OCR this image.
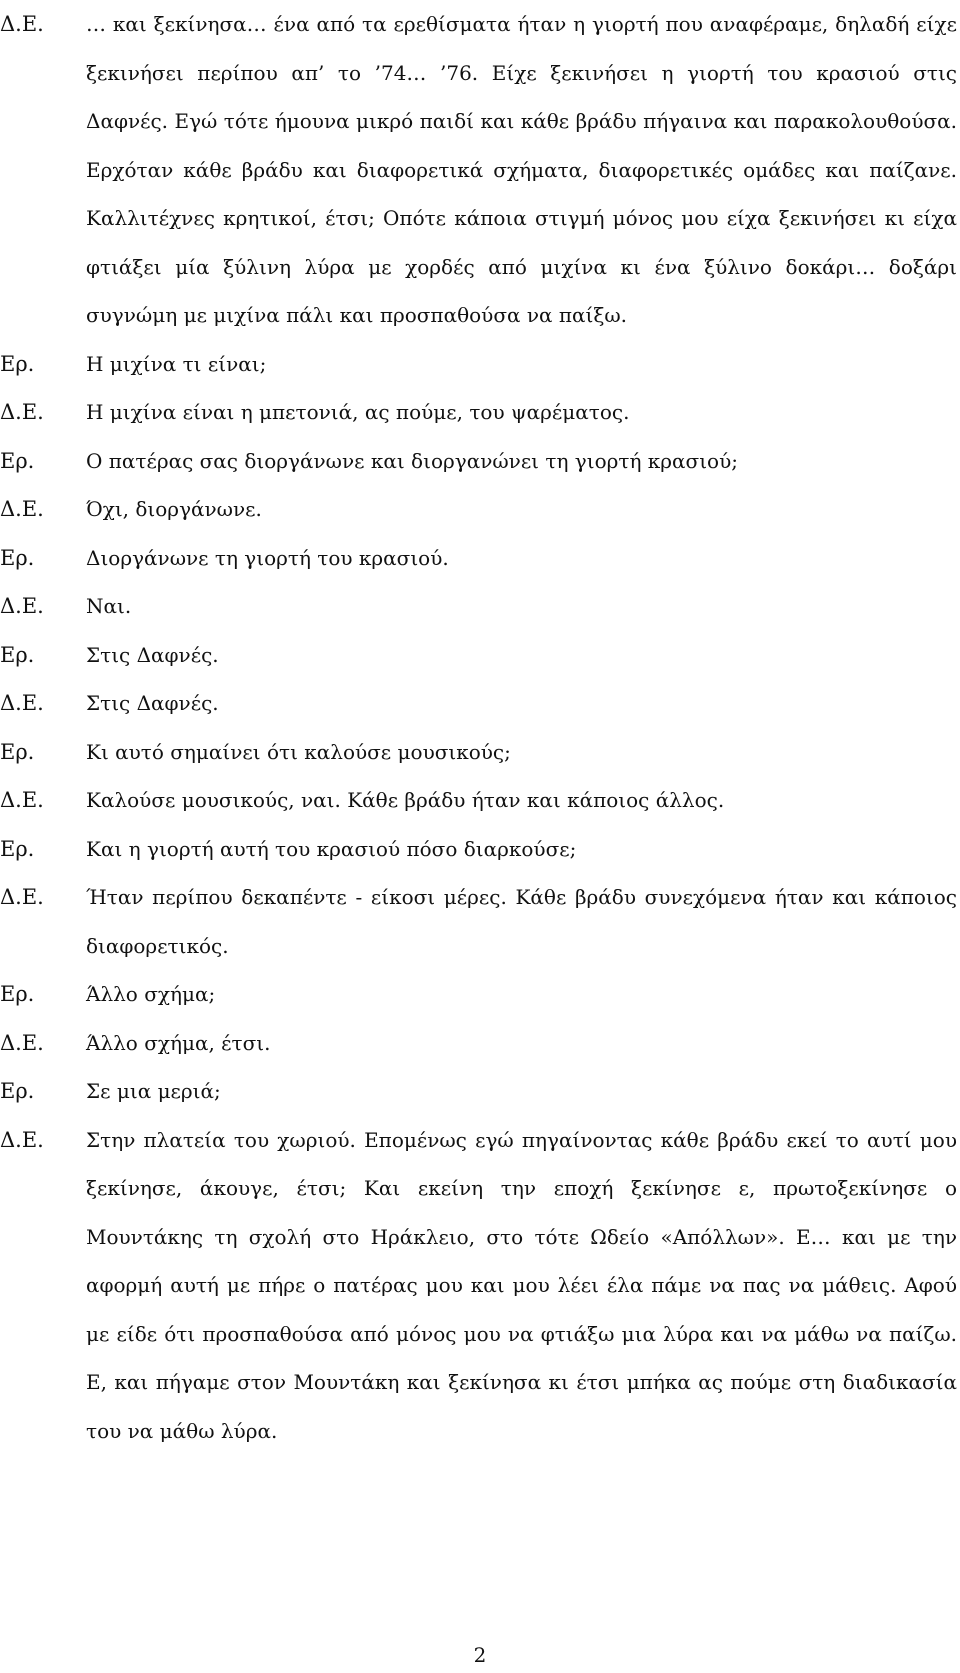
Δ.Ε.	… και ξεκίνησα… ένα από τα ερεθίσματα ήταν η γιορτή που αναφέραμε, δηλαδή είχε ξεκινήσει περίπου απ’ το ’74… ’76. Είχε ξεκινήσει η γιορτή του κρασιού στις Δαφνές. Εγώ τότε ήμουνα μικρό παιδί και κάθε βράδυ πήγαινα και παρακολουθούσα. Ερχόταν κάθε βράδυ και διαφορετικά σχήματα, διαφορετικές ομάδες και παίζανε. Καλλιτέχνες κρητικοί, έτσι; Οπότε κάποια στιγμή μόνος μου είχα ξεκινήσει κι είχα φτιάξει μία ξύλινη λύρα με χορδές από μιχίνα κι ένα ξύλινο δοκάρι… δοξάρι συγνώμη με μιχίνα πάλι και προσπαθούσα να παίξω.
Ερ.	Η μιχίνα τι είναι;
Δ.Ε.	Η μιχίνα είναι η μπετονιά, ας πούμε, του ψαρέματος.
Ερ.	Ο πατέρας σας διοργάνωνε και διοργανώνει τη γιορτή κρασιού;
Δ.Ε.	Όχι, διοργάνωνε.
Ερ.	Διοργάνωνε τη γιορτή του κρασιού.
Δ.Ε.	Ναι.
Ερ.	Στις Δαφνές.
Δ.Ε.	Στις Δαφνές.
Ερ.	Κι αυτό σημαίνει ότι καλούσε μουσικούς;
Δ.Ε.	Καλούσε μουσικούς, ναι. Κάθε βράδυ ήταν και κάποιος άλλος.
Ερ.	Και η γιορτή αυτή του κρασιού πόσο διαρκούσε;
Δ.Ε.	Ήταν περίπου δεκαπέντε - είκοσι μέρες. Κάθε βράδυ συνεχόμενα ήταν και κάποιος διαφορετικός.
Ερ.	Άλλο σχήμα;
Δ.Ε.	Άλλο σχήμα, έτσι.
Ερ.	Σε μια μεριά;
Δ.Ε.	Στην πλατεία του χωριού. Επομένως εγώ πηγαίνοντας κάθε βράδυ εκεί το αυτί μου ξεκίνησε, άκουγε, έτσι; Και εκείνη την εποχή ξεκίνησε ε, πρωτοξεκίνησε ο Μουντάκης τη σχολή στο Ηράκλειο, στο τότε Ωδείο «Απόλλων». Ε… και με την αφορμή αυτή με πήρε ο πατέρας μου και μου λέει έλα πάμε να πας να μάθεις. Αφού με είδε ότι προσπαθούσα από μόνος μου να φτιάξω μια λύρα και να μάθω να παίζω. Ε, και πήγαμε στον Μουντάκη και ξεκίνησα κι έτσι μπήκα ας πούμε στη διαδικασία του να μάθω λύρα.
2
